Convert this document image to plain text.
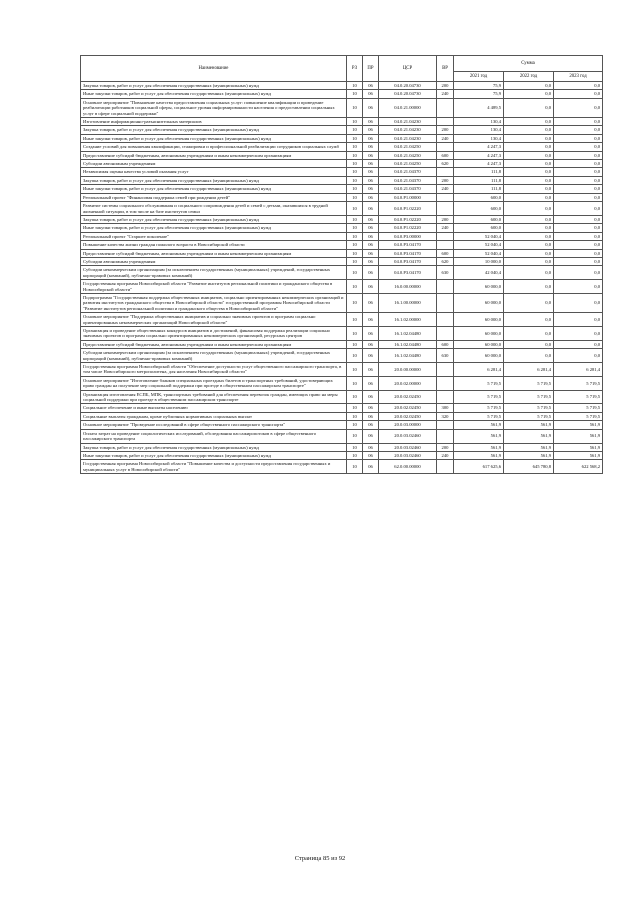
Наименование	РЗ	ПР	ЦСР	ВР	Сумма		
					2021 год	2022 год	2023 год
Закупка товаров, работ и услуг для обеспечения государственных (муниципальных) нужд	10	06	04.0.20.04730	200	75,9	0,0	0,0
Иные закупки товаров, работ и услуг для обеспечения государственных (муниципальных) нужд	10	06	04.0.20.04730	240	75,9	0,0	0,0
Основное мероприятие "Повышение качества предоставления социальных услуг: повышение квалификации и проведение реабилитации работников социальной сферы, социальное уровня информированности населения о предоставлении социальных услуг в сфере социальной поддержки"	10	06	04.0.21.00000		4 489,5	0,0	0,0
Изготовление информационно-разъяснительных материалов	10	06	04.0.21.04230		130,4	0,0	0,0
Закупка товаров, работ и услуг для обеспечения государственных (муниципальных) нужд	10	06	04.0.21.04230	200	130,4	0,0	0,0
Иные закупки товаров, работ и услуг для обеспечения государственных (муниципальных) нужд	10	06	04.0.21.04230	240	130,4	0,0	0,0
Создание условий для повышения квалификации, стажировки и профессиональной реабилитации сотрудников социальных служб	10	06	04.0.21.04250		4 247,3	0,0	0,0
Предоставление субсидий бюджетным, автономным учреждениям и иным некоммерческим организациям	10	06	04.0.21.04250	600	4 247,3	0,0	0,0
Субсидии автономным учреждениям	10	06	04.0.21.04250	620	4 247,3	0,0	0,0
Независимая оценка качества условий оказания услуг	10	06	04.0.21.04370		111,8	0,0	0,0
Закупка товаров, работ и услуг для обеспечения государственных (муниципальных) нужд	10	06	04.0.21.04370	200	111,8	0,0	0,0
Иные закупки товаров, работ и услуг для обеспечения государственных (муниципальных) нужд	10	06	04.0.21.04370	240	111,8	0,0	0,0
Региональный проект "Финансовая поддержка семей при рождении детей"	10	06	04.0.P1.00000		600,0	0,0	0,0
Развитие системы социального обслуживания и социального сопровождения детей и семей с детьми, оказавшихся в трудной жизненной ситуации, в том числе на базе институтов семьи	10	06	04.0.P1.02220		600,0	0,0	0,0
Закупка товаров, работ и услуг для обеспечения государственных (муниципальных) нужд	10	06	04.0.P1.02220	200	600,0	0,0	0,0
Иные закупки товаров, работ и услуг для обеспечения государственных (муниципальных) нужд	10	06	04.0.P1.02220	240	600,0	0,0	0,0
Региональный проект "Старшее поколение"	10	06	04.0.P3.00000		52 040,4	0,0	0,0
Повышение качества жизни граждан пожилого возраста в Новосибирской области	10	06	04.0.P3.04170		52 040,4	0,0	0,0
Предоставление субсидий бюджетным, автономным учреждениям и иным некоммерческим организациям	10	06	04.0.P3.04170	600	52 040,4	0,0	0,0
Субсидии автономным учреждениям	10	06	04.0.P3.04170	620	10 000,0	0,0	0,0
Субсидии некоммерческим организациям (за исключением государственных (муниципальных) учреждений, государственных корпораций (компаний), публично-правовых компаний)	10	06	04.0.P3.04170	630	42 040,4	0,0	0,0
Государственная программа Новосибирской области "Развитие институтов региональной политики и гражданского общества в Новосибирской области"	10	06	16.0.00.00000		60 000,0	0,0	0,0
Подпрограмма "Государственная поддержка общественных инициатив, социально ориентированных некоммерческих организаций и развития институтов гражданского общества в Новосибирской области" государственной программы Новосибирской области "Развитие институтов региональной политики и гражданского общества в Новосибирской области"	10	06	16.1.00.00000		60 000,0	0,0	0,0
Основное мероприятие "Поддержка общественных инициатив и социально значимых проектов и программ социально ориентированных некоммерческих организаций Новосибирской области"	10	06	16.1.02.00000		60 000,0	0,0	0,0
Организация и проведение общественных конкурсов инициатив и достижений, финансовая поддержка реализации социально значимых проектов и программ социально ориентированных некоммерческих организаций, ресурсных центров	10	06	16.1.02.04480		60 000,0	0,0	0,0
Предоставление субсидий бюджетным, автономным учреждениям и иным некоммерческим организациям	10	06	16.1.02.04480	600	60 000,0	0,0	0,0
Субсидии некоммерческим организациям (за исключением государственных (муниципальных) учреждений, государственных корпораций (компаний), публично-правовых компаний)	10	06	16.1.02.04480	630	60 000,0	0,0	0,0
Государственная программа Новосибирской области "Обеспечение доступности услуг общественного пассажирского транспорта, в том числе Новосибирского метрополитена, для населения Новосибирской области"	10	06	20.0.00.00000		6 281,4	6 281,4	6 281,4
Основное мероприятие "Изготовление бланков специальных проездных билетов и транспортных требований, удостоверяющих право граждан на получение мер социальной поддержки при проезде в общественном пассажирском транспорте"	10	06	20.0.02.00000		5 719,5	5 719,5	5 719,5
Организация изготовления ЕСПБ, МПК, транспортных требований для обеспечения перевозок граждан, имеющих право на меры социальной поддержки при проезде в общественном пассажирском транспорте	10	06	20.0.02.02450		5 719,5	5 719,5	5 719,5
Социальное обеспечение и иные выплаты населению	10	06	20.0.02.02450	300	5 719,5	5 719,5	5 719,5
Социальные выплаты гражданам, кроме публичных нормативных социальных выплат	10	06	20.0.02.02450	320	5 719,5	5 719,5	5 719,5
Основное мероприятие "Проведение исследований в сфере общественного пассажирского транспорта"	10	06	20.0.03.00000		561,9	561,9	561,9
Оплата затрат на проведение социологических исследований, обследования пассажиропотоков в сфере общественного пассажирского транспорта	10	06	20.0.03.02460		561,9	561,9	561,9
Закупка товаров, работ и услуг для обеспечения государственных (муниципальных) нужд	10	06	20.0.03.02460	200	561,9	561,9	561,9
Иные закупки товаров, работ и услуг для обеспечения государственных (муниципальных) нужд	10	06	20.0.03.02460	240	561,9	561,9	561,9
Государственная программа Новосибирской области "Повышение качества и доступности предоставления государственных и муниципальных услуг в Новосибирской области"	10	06	62.0.00.00000		617 625,6	645 780,8	622 568,2
Страница 85 из 92
